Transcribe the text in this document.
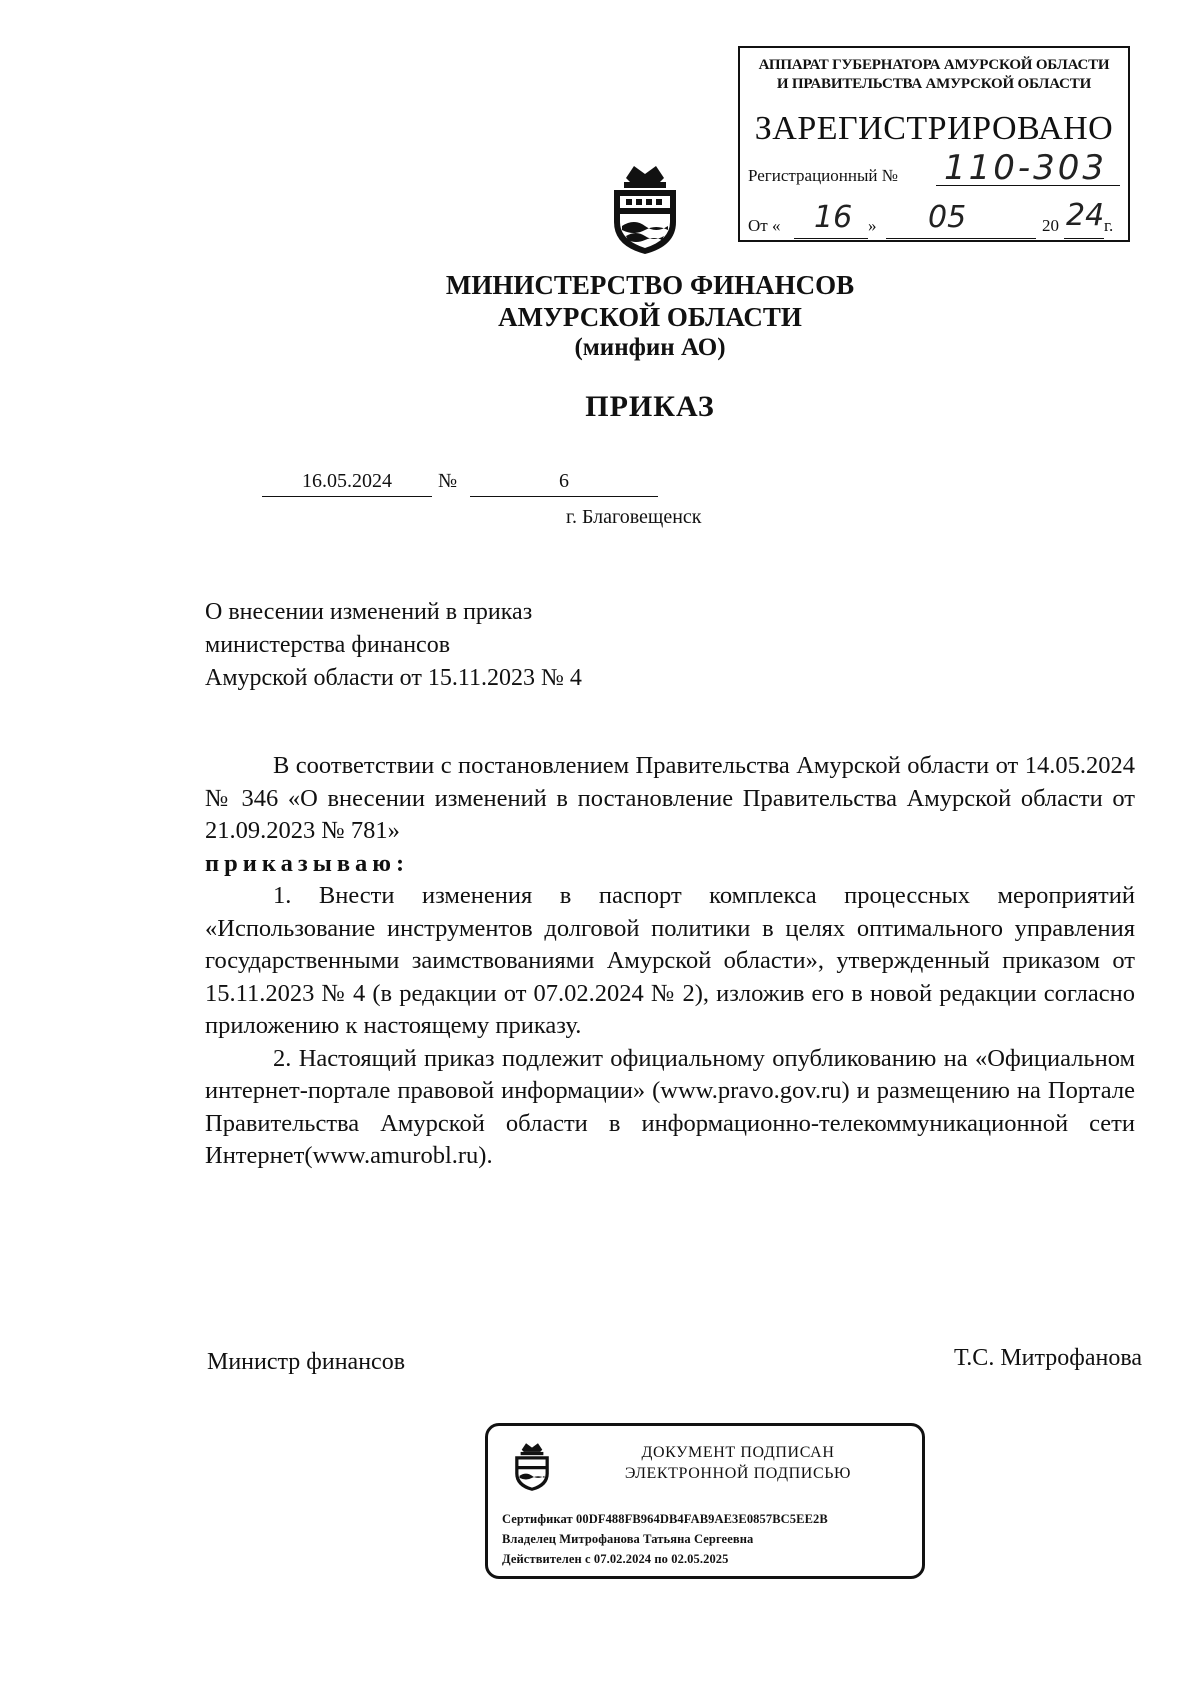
АППАРАТ ГУБЕРНАТОРА АМУРСКОЙ ОБЛАСТИ
И ПРАВИТЕЛЬСТВА АМУРСКОЙ ОБЛАСТИ
ЗАРЕГИСТРИРОВАНО
Регистрационный № 110-303
От « 16 » 05	20 24 г.
МИНИСТЕРСТВО ФИНАНСОВ
АМУРСКОЙ ОБЛАСТИ
(минфин АО)
ПРИКАЗ
16.05.2024	№	6
г. Благовещенск
О внесении изменений в приказ
министерства финансов
Амурской области от 15.11.2023 № 4

В соответствии с постановлением Правительства Амурской области от 14.05.2024 № 346 «О внесении изменений в постановление Правительства Амурской области от 21.09.2023 № 781»

приказываю:

1. Внести изменения в паспорт комплекса процессных мероприятий «Использование инструментов долговой политики в целях оптимального управления государственными заимствованиями Амурской области», утвержденный приказом от 15.11.2023 № 4 (в редакции от 07.02.2024 № 2), изложив его в новой редакции согласно приложению к настоящему приказу.

2. Настоящий приказ подлежит официальному опубликованию на «Официальном интернет-портале правовой информации» (www.pravo.gov.ru) и размещению на Портале Правительства Амурской области в информационно-телекоммуникационной сети Интернет(www.amurobl.ru).

Министр финансов	Т.С. Митрофанова
ДОКУМЕНТ ПОДПИСАН
ЭЛЕКТРОННОЙ ПОДПИСЬЮ
Сертификат 00DF488FB964DB4FAB9AE3E0857BC5EE2B
Владелец Митрофанова Татьяна Сергеевна
Действителен с 07.02.2024 по 02.05.2025
